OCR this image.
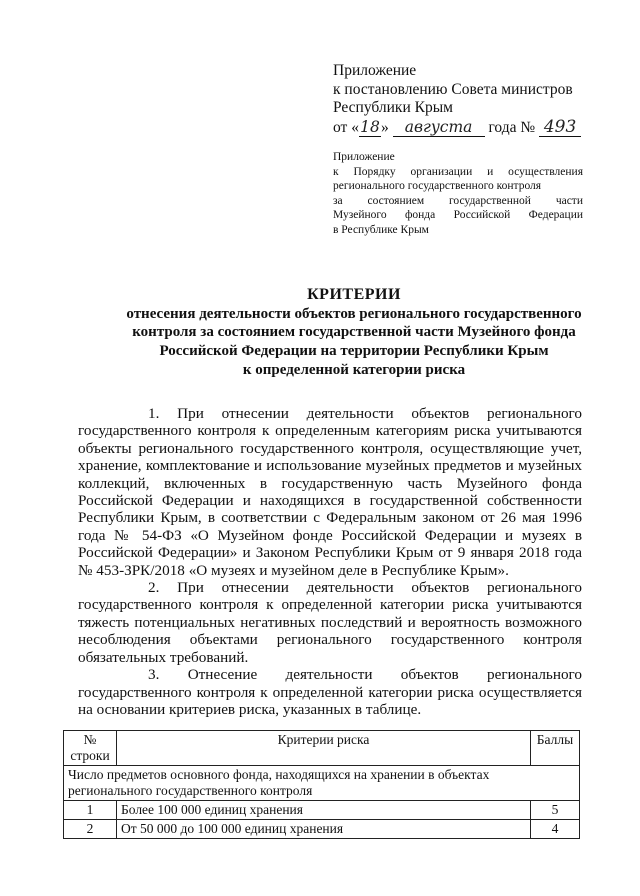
Приложение
к постановлению Совета министров
Республики Крым
от «18» августа года № 493
Приложение
к Порядку организации и осуществления
регионального государственного контроля
за состоянием государственной части
Музейного фонда Российской Федерации
в Республике Крым
КРИТЕРИИ
отнесения деятельности объектов регионального государственного
контроля за состоянием государственной части Музейного фонда
Российской Федерации на территории Республики Крым
к определенной категории риска

1. При отнесении деятельности объектов регионального государственного контроля к определенным категориям риска учитываются объекты регионального государственного контроля, осуществляющие учет, хранение, комплектование и использование музейных предметов и музейных коллекций, включенных в государственную часть Музейного фонда Российской Федерации и находящихся в государственной собственности Республики Крым, в соответствии с Федеральным законом от 26 мая 1996 года № 54-ФЗ «О Музейном фонде Российской Федерации и музеях в Российской Федерации» и Законом Республики Крым от 9 января 2018 года № 453-ЗРК/2018 «О музеях и музейном деле в Республике Крым».

2. При отнесении деятельности объектов регионального государственного контроля к определенной категории риска учитываются тяжесть потенциальных негативных последствий и вероятность возможного несоблюдения объектами регионального государственного контроля обязательных требований.

3. Отнесение деятельности объектов регионального государственного контроля к определенной категории риска осуществляется на основании критериев риска, указанных в таблице.

№ строки	Критерии риска	Баллы
Число предметов основного фонда, находящихся на хранении в объектах регионального государственного контроля		
1	Более 100 000 единиц хранения	5
2	От 50 000 до 100 000 единиц хранения	4
